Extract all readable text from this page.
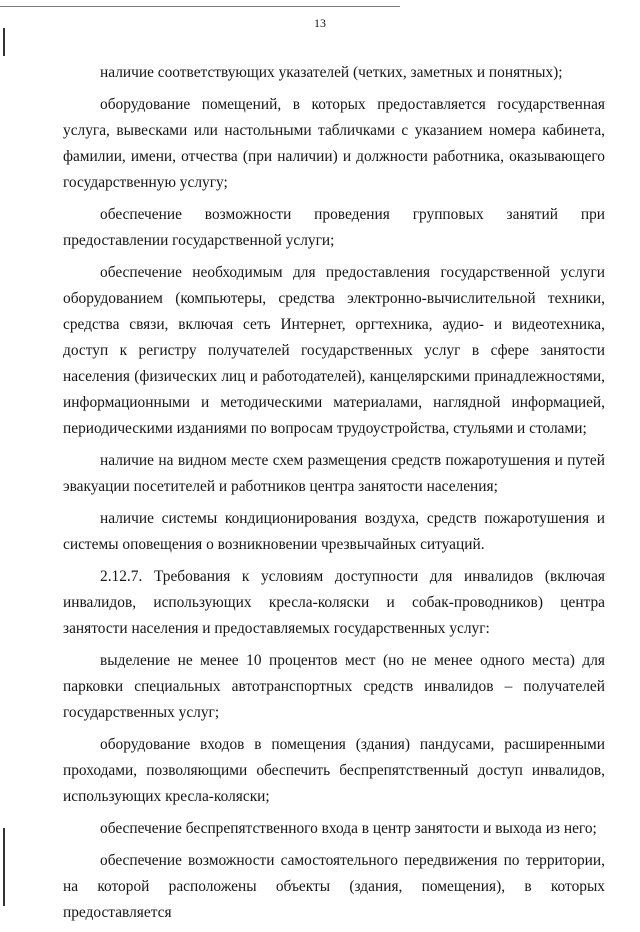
13

наличие соответствующих указателей (четких, заметных и понятных);

оборудование помещений, в которых предоставляется государственная услуга, вывесками или настольными табличками с указанием номера кабинета, фамилии, имени, отчества (при наличии) и должности работника, оказывающего государственную услугу;

обеспечение возможности проведения групповых занятий при предоставлении государственной услуги;

обеспечение необходимым для предоставления государственной услуги оборудованием (компьютеры, средства электронно-вычислительной техники, средства связи, включая сеть Интернет, оргтехника, аудио- и видеотехника, доступ к регистру получателей государственных услуг в сфере занятости населения (физических лиц и работодателей), канцелярскими принадлежностями, информационными и методическими материалами, наглядной информацией, периодическими изданиями по вопросам трудоустройства, стульями и столами;

наличие на видном месте схем размещения средств пожаротушения и путей эвакуации посетителей и работников центра занятости населения;

наличие системы кондиционирования воздуха, средств пожаротушения и системы оповещения о возникновении чрезвычайных ситуаций.

2.12.7. Требования к условиям доступности для инвалидов (включая инвалидов, использующих кресла-коляски и собак-проводников) центра занятости населения и предоставляемых государственных услуг:

выделение не менее 10 процентов мест (но не менее одного места) для парковки специальных автотранспортных средств инвалидов – получателей государственных услуг;

оборудование входов в помещения (здания) пандусами, расширенными проходами, позволяющими обеспечить беспрепятственный доступ инвалидов, использующих кресла-коляски;

обеспечение беспрепятственного входа в центр занятости и выхода из него;

обеспечение возможности самостоятельного передвижения по территории, на которой расположены объекты (здания, помещения), в которых предоставляется
